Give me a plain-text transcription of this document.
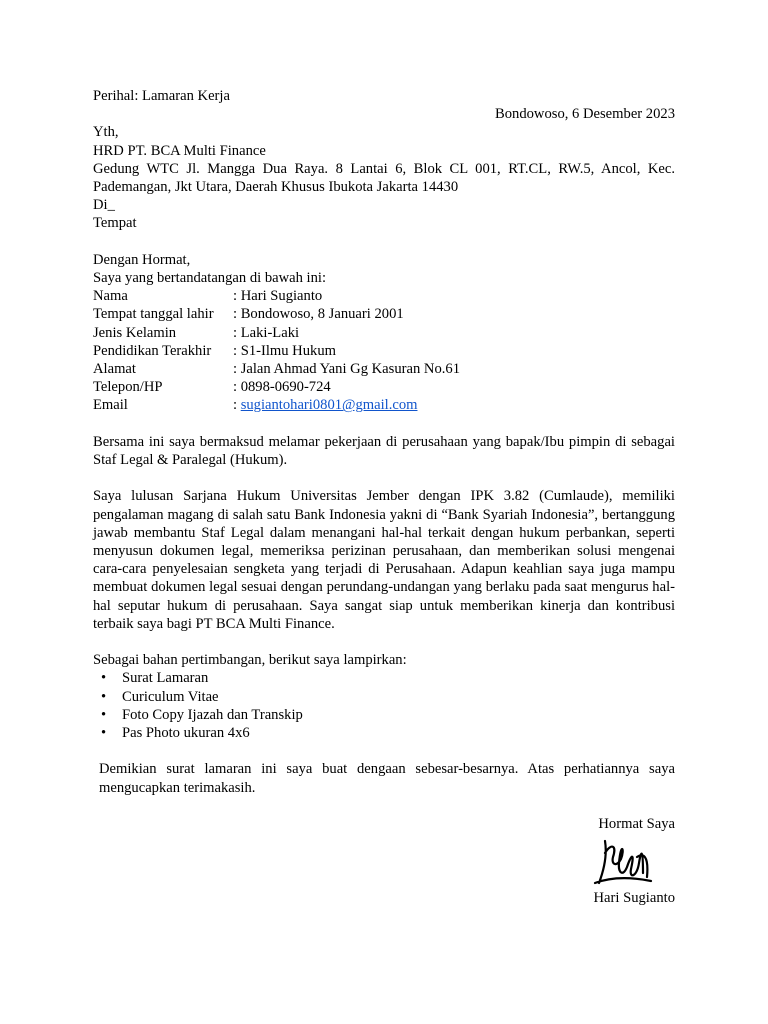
Perihal: Lamaran Kerja
Bondowoso, 6 Desember 2023
Yth,
HRD PT. BCA Multi Finance
Gedung WTC Jl. Mangga Dua Raya. 8 Lantai 6, Blok CL 001, RT.CL, RW.5, Ancol, Kec. Pademangan, Jkt Utara, Daerah Khusus Ibukota Jakarta 14430
Di_
Tempat
Dengan Hormat,
Saya yang bertandatangan di bawah ini:
Nama	: Hari Sugianto
Tempat tanggal lahir	: Bondowoso, 8 Januari 2001
Jenis Kelamin	: Laki-Laki
Pendidikan Terakhir	: S1-Ilmu Hukum
Alamat	: Jalan Ahmad Yani Gg Kasuran No.61
Telepon/HP	: 0898-0690-724
Email	: sugiantohari0801@gmail.com
Bersama ini saya bermaksud melamar pekerjaan di perusahaan yang bapak/Ibu pimpin di sebagai Staf Legal & Paralegal (Hukum).
Saya lulusan Sarjana Hukum Universitas Jember dengan IPK 3.82 (Cumlaude), memiliki pengalaman magang di salah satu Bank Indonesia yakni di “Bank Syariah Indonesia”, bertanggung jawab membantu Staf Legal dalam menangani hal-hal terkait dengan hukum perbankan, seperti menyusun dokumen legal, memeriksa perizinan perusahaan, dan memberikan solusi mengenai cara-cara penyelesaian sengketa yang terjadi di Perusahaan. Adapun keahlian saya juga mampu membuat dokumen legal sesuai dengan perundang-undangan yang berlaku pada saat mengurus hal-hal seputar hukum di perusahaan. Saya sangat siap untuk memberikan kinerja dan kontribusi terbaik saya bagi PT BCA Multi Finance.
Sebagai bahan pertimbangan, berikut saya lampirkan:
• Surat Lamaran
• Curiculum Vitae
• Foto Copy Ijazah dan Transkip
• Pas Photo ukuran 4x6
Demikian surat lamaran ini saya buat dengaan sebesar-besarnya. Atas perhatiannya saya mengucapkan terimakasih.
Hormat Saya
Hari Sugianto
